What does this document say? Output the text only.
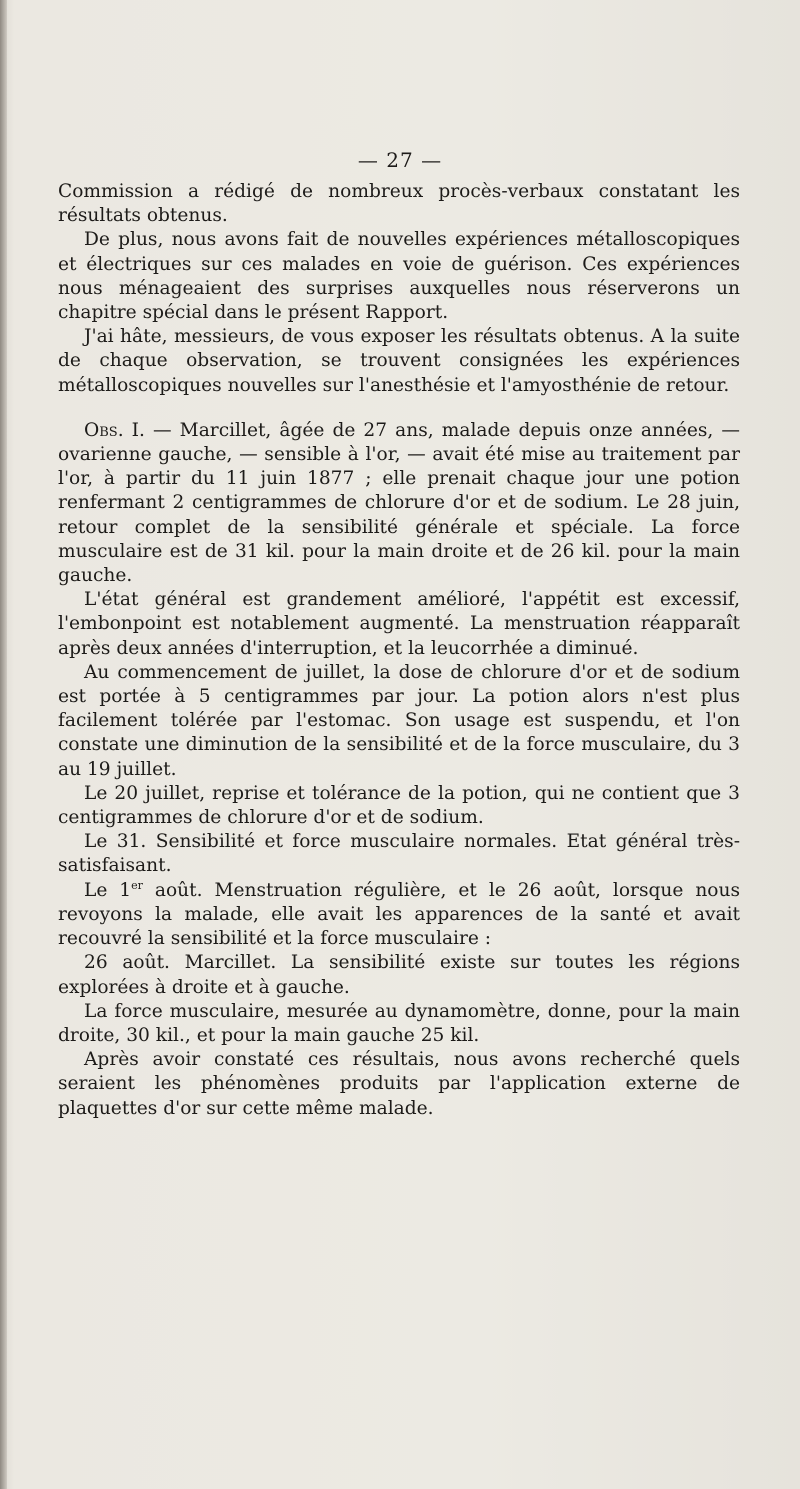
— 27 —

Commission a rédigé de nombreux procès-verbaux constatant les résultats obtenus.

De plus, nous avons fait de nouvelles expériences métalloscopiques et électriques sur ces malades en voie de guérison. Ces expériences nous ménageaient des surprises auxquelles nous réserverons un chapitre spécial dans le présent Rapport.

J'ai hâte, messieurs, de vous exposer les résultats obtenus. A la suite de chaque observation, se trouvent consignées les expériences métalloscopiques nouvelles sur l'anesthésie et l'amyosthénie de retour.

Obs. I. — Marcillet, âgée de 27 ans, malade depuis onze années, — ovarienne gauche, — sensible à l'or, — avait été mise au traitement par l'or, à partir du 11 juin 1877 ; elle prenait chaque jour une potion renfermant 2 centigrammes de chlorure d'or et de sodium. Le 28 juin, retour complet de la sensibilité générale et spéciale. La force musculaire est de 31 kil. pour la main droite et de 26 kil. pour la main gauche.

L'état général est grandement amélioré, l'appétit est excessif, l'embonpoint est notablement augmenté. La menstruation réapparaît après deux années d'interruption, et la leucorrhée a diminué.

Au commencement de juillet, la dose de chlorure d'or et de sodium est portée à 5 centigrammes par jour. La potion alors n'est plus facilement tolérée par l'estomac. Son usage est suspendu, et l'on constate une diminution de la sensibilité et de la force musculaire, du 3 au 19 juillet.

Le 20 juillet, reprise et tolérance de la potion, qui ne contient que 3 centigrammes de chlorure d'or et de sodium.

Le 31. Sensibilité et force musculaire normales. Etat général très-satisfaisant.

Le 1er août. Menstruation régulière, et le 26 août, lorsque nous revoyons la malade, elle avait les apparences de la santé et avait recouvré la sensibilité et la force musculaire :

26 août. Marcillet. La sensibilité existe sur toutes les régions explorées à droite et à gauche.

La force musculaire, mesurée au dynamomètre, donne, pour la main droite, 30 kil., et pour la main gauche 25 kil.

Après avoir constaté ces résultais, nous avons recherché quels seraient les phénomènes produits par l'application externe de plaquettes d'or sur cette même malade.
